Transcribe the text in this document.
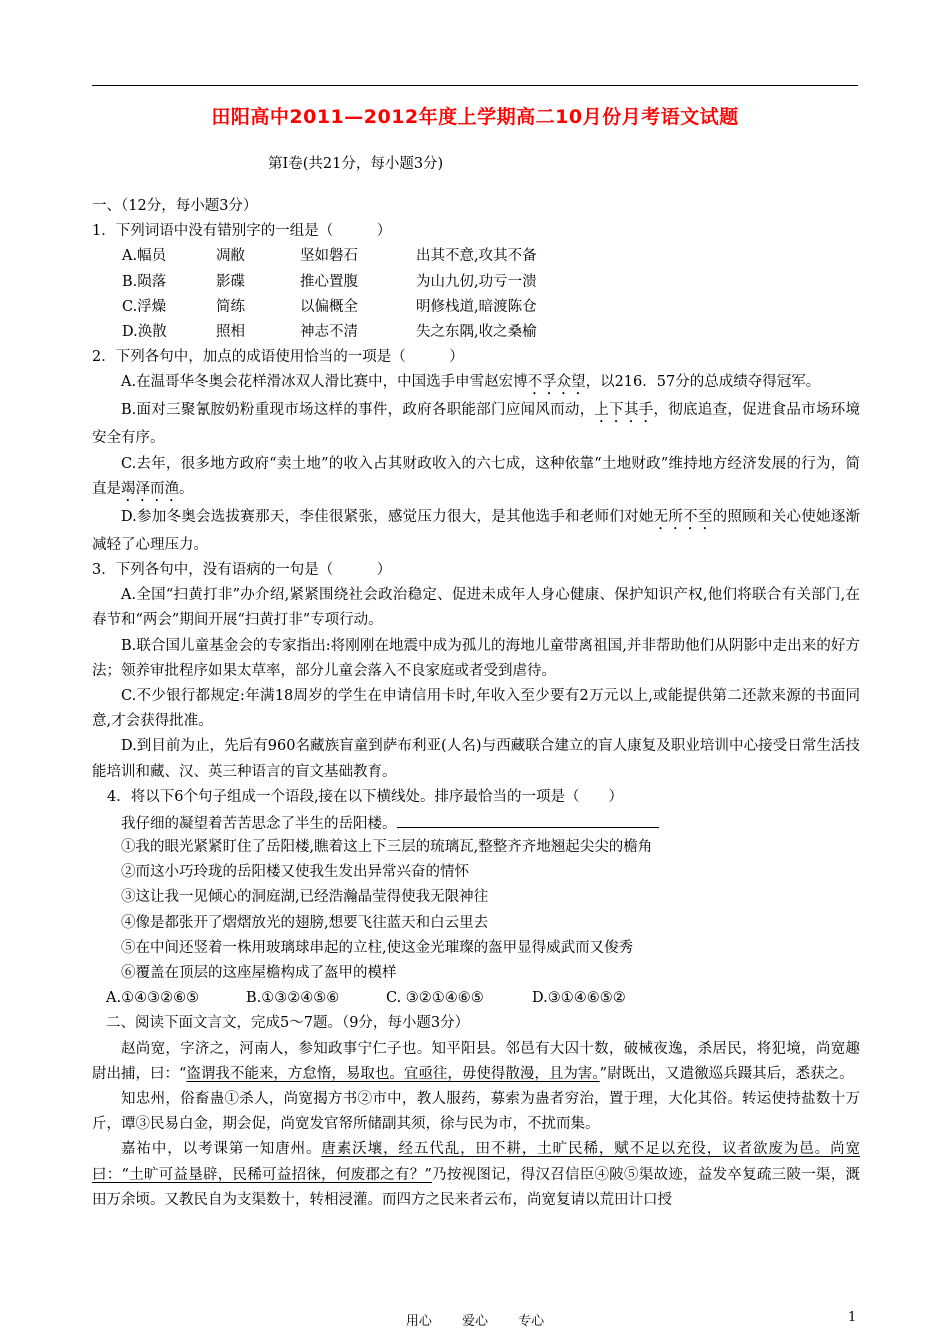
田阳高中2011—2012年度上学期高二10月份月考语文试题
第Ⅰ卷(共21分，每小题3分)
一、（12分，每小题3分）
1．下列词语中没有错别字的一组是（　　　）
A.幅员	凋敝	坚如磐石	出其不意,攻其不备
B.陨落	影碟	推心置腹	为山九仞,功亏一溃
C.浮燥	简练	以偏概全	明修栈道,暗渡陈仓
D.涣散	照相	神志不清	失之东隅,收之桑榆
2．下列各句中，加点的成语使用恰当的一项是（　　　）
A.在温哥华冬奥会花样滑冰双人滑比赛中，中国选手申雪赵宏博不孚众望，以216．57分的总成绩夺得冠军。
B.面对三聚氰胺奶粉重现市场这样的事件，政府各职能部门应闻风而动，上下其手，彻底追查，促进食品市场环境安全有序。
C.去年，很多地方政府“卖土地”的收入占其财政收入的六七成，这种依靠“土地财政”维持地方经济发展的行为，简直是竭泽而渔。
D.参加冬奥会选拔赛那天，李佳很紧张，感觉压力很大，是其他选手和老师们对她无所不至的照顾和关心使她逐渐减轻了心理压力。
3．下列各句中，没有语病的一句是（　　　）
A.全国“扫黄打非”办介绍,紧紧围绕社会政治稳定、促进未成年人身心健康、保护知识产权,他们将联合有关部门,在春节和“两会”期间开展“扫黄打非”专项行动。
B.联合国儿童基金会的专家指出:将刚刚在地震中成为孤儿的海地儿童带离祖国,并非帮助他们从阴影中走出来的好方法；领养审批程序如果太草率，部分儿童会落入不良家庭或者受到虐待。
C.不少银行都规定:年满18周岁的学生在申请信用卡时,年收入至少要有2万元以上,或能提供第二还款来源的书面同意,才会获得批准。
D.到目前为止，先后有960名藏族盲童到萨布利亚(人名)与西藏联合建立的盲人康复及职业培训中心接受日常生活技能培训和藏、汉、英三种语言的盲文基础教育。
4．将以下6个句子组成一个语段,接在以下横线处。排序最恰当的一项是（　　）
我仔细的凝望着苦苦思念了半生的岳阳楼。
①我的眼光紧紧盯住了岳阳楼,瞧着这上下三层的琉璃瓦,整整齐齐地翘起尖尖的檐角
②而这小巧玲珑的岳阳楼又使我生发出异常兴奋的情怀
③这让我一见倾心的洞庭湖,已经浩瀚晶莹得使我无限神往
④像是都张开了熠熠放光的翅膀,想要飞往蓝天和白云里去
⑤在中间还竖着一株用玻璃球串起的立柱,使这金光璀璨的盔甲显得威武而又俊秀
⑥覆盖在顶层的这座屋檐构成了盔甲的模样
A.①④③②⑥⑤	B.①③②④⑤⑥	C. ③②①④⑥⑤	D.③①④⑥⑤②
二、阅读下面文言文，完成5～7题。（9分，每小题3分）
赵尚宽，字济之，河南人，参知政事宁仁子也。知平阳县。邻邑有大囚十数，破械夜逸，杀居民，将犯境，尚宽趣尉出捕，曰：“盗谓我不能来，方怠惰，易取也。宜亟往，毋使得散漫，且为害。”尉既出，又遣徼巡兵蹑其后，悉获之。
知忠州，俗畜蛊①杀人，尚宽揭方书②市中，教人服药，募索为蛊者穷治，置于理，大化其俗。转运使持盐数十万斤，谭③民易白金，期会促，尚宽发官帑所储副其须，徐与民为市，不扰而集。
嘉祐中，以考课第一知唐州。唐素沃壤，经五代乱，田不耕，土旷民稀，赋不足以充役，议者欲废为邑。尚宽曰：“土旷可益垦辟，民稀可益招徕，何废郡之有？”乃按视图记，得汉召信臣④陂⑤渠故迹，益发卒复疏三陂一渠，溉田万余顷。又教民自为支渠数十，转相浸灌。而四方之民来者云布，尚宽复请以荒田计口授
用心 爱心 专心	1
